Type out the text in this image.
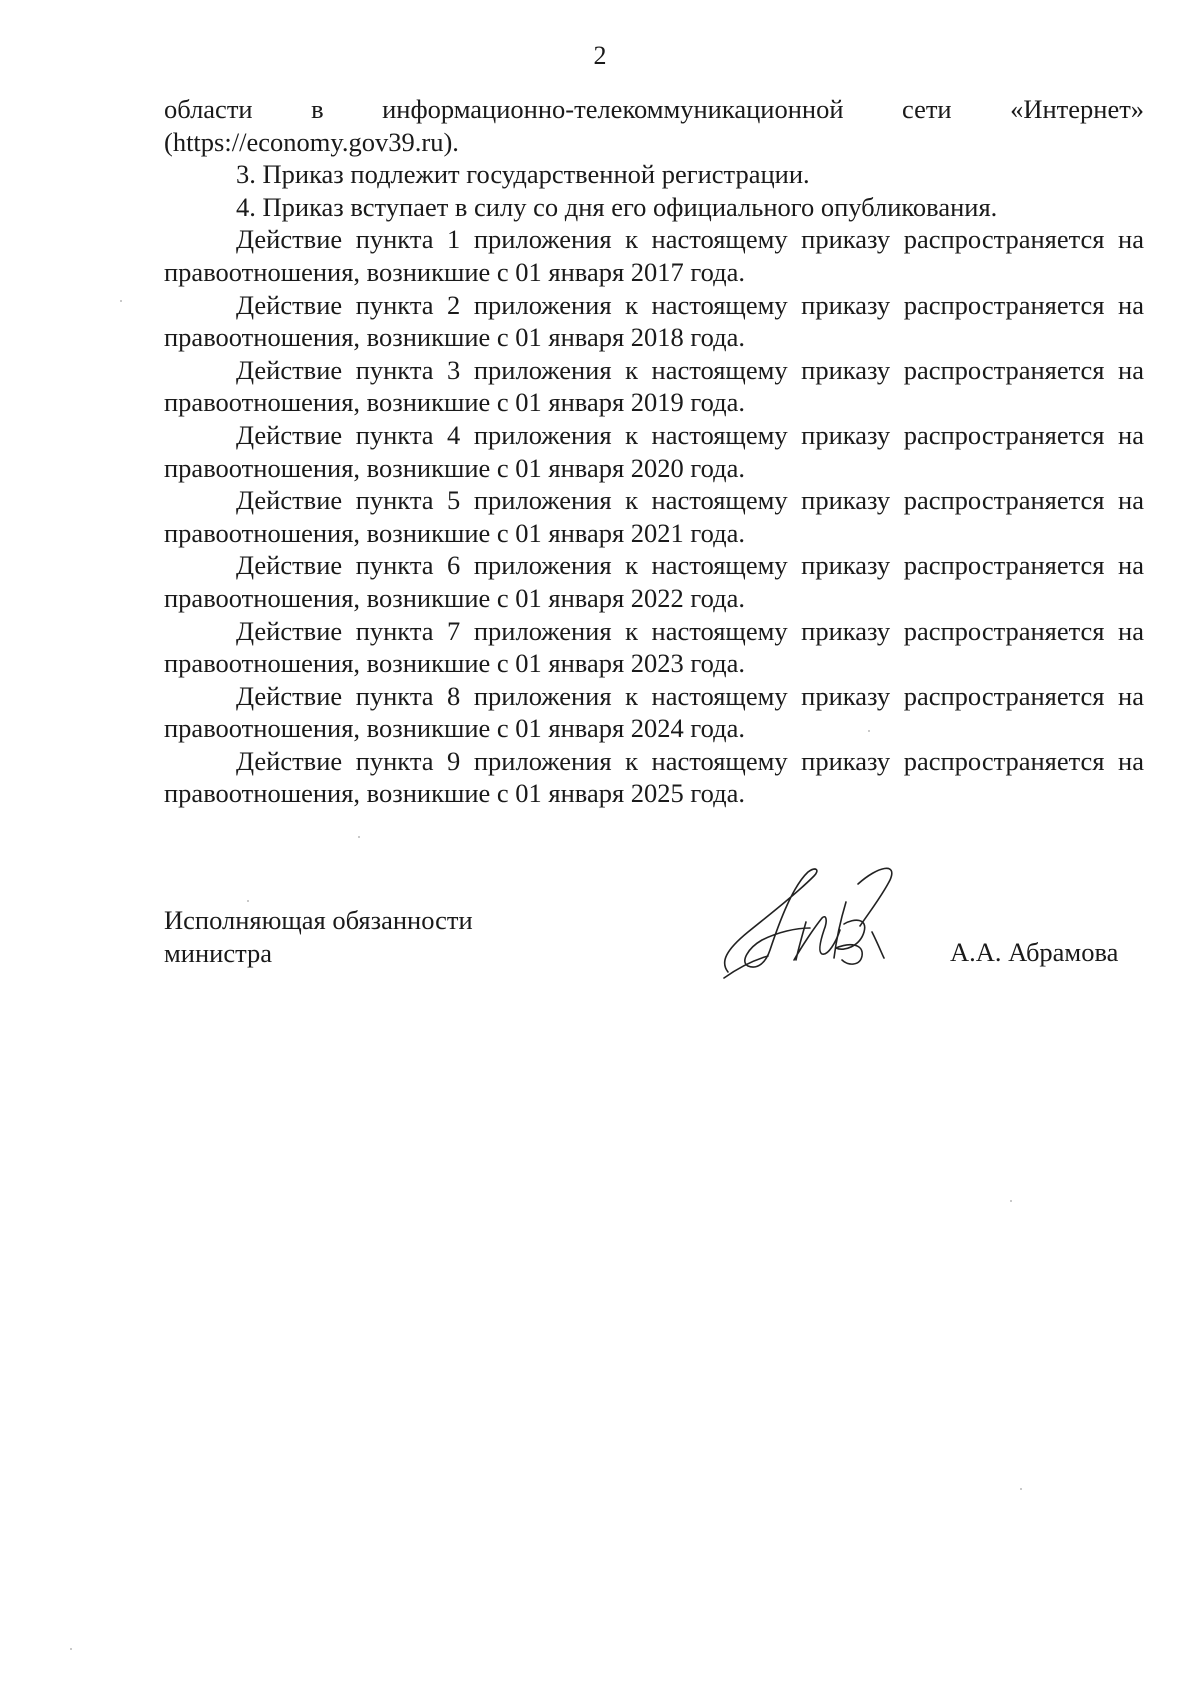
2

области в информационно-телекоммуникационной сети «Интернет»

(https://economy.gov39.ru).

3. Приказ подлежит государственной регистрации.

4. Приказ вступает в силу со дня его официального опубликования.

Действие пункта 1 приложения к настоящему приказу распространяется на правоотношения, возникшие с 01 января 2017 года.

Действие пункта 2 приложения к настоящему приказу распространяется на правоотношения, возникшие с 01 января 2018 года.

Действие пункта 3 приложения к настоящему приказу распространяется на правоотношения, возникшие с 01 января 2019 года.

Действие пункта 4 приложения к настоящему приказу распространяется на правоотношения, возникшие с 01 января 2020 года.

Действие пункта 5 приложения к настоящему приказу распространяется на правоотношения, возникшие с 01 января 2021 года.

Действие пункта 6 приложения к настоящему приказу распространяется на правоотношения, возникшие с 01 января 2022 года.

Действие пункта 7 приложения к настоящему приказу распространяется на правоотношения, возникшие с 01 января 2023 года.

Действие пункта 8 приложения к настоящему приказу распространяется на правоотношения, возникшие с 01 января 2024 года.

Действие пункта 9 приложения к настоящему приказу распространяется на правоотношения, возникшие с 01 января 2025 года.

Исполняющая обязанности
министра	А.А. Абрамова
